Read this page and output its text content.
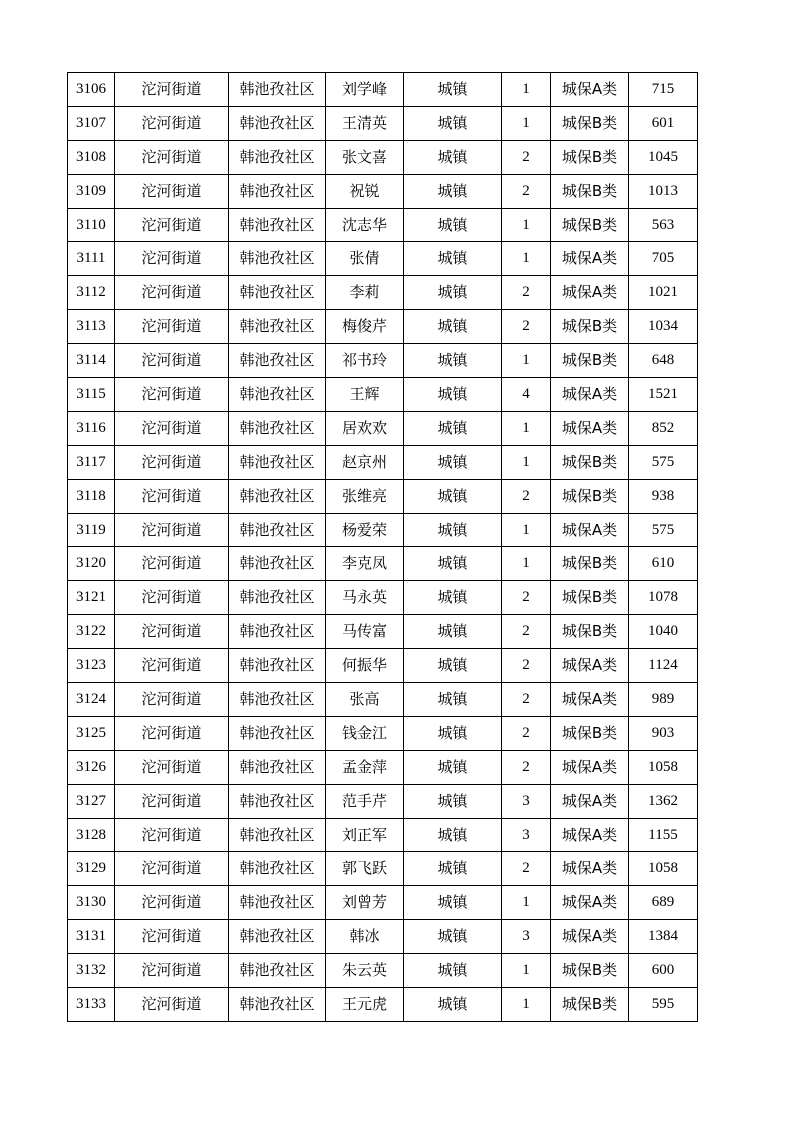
3106	沱河街道	韩池孜社区	刘学峰	城镇	1	城保A类	715
3107	沱河街道	韩池孜社区	王清英	城镇	1	城保B类	601
3108	沱河街道	韩池孜社区	张文喜	城镇	2	城保B类	1045
3109	沱河街道	韩池孜社区	祝锐	城镇	2	城保B类	1013
3110	沱河街道	韩池孜社区	沈志华	城镇	1	城保B类	563
3111	沱河街道	韩池孜社区	张倩	城镇	1	城保A类	705
3112	沱河街道	韩池孜社区	李莉	城镇	2	城保A类	1021
3113	沱河街道	韩池孜社区	梅俊芹	城镇	2	城保B类	1034
3114	沱河街道	韩池孜社区	祁书玲	城镇	1	城保B类	648
3115	沱河街道	韩池孜社区	王辉	城镇	4	城保A类	1521
3116	沱河街道	韩池孜社区	居欢欢	城镇	1	城保A类	852
3117	沱河街道	韩池孜社区	赵京州	城镇	1	城保B类	575
3118	沱河街道	韩池孜社区	张维亮	城镇	2	城保B类	938
3119	沱河街道	韩池孜社区	杨爱荣	城镇	1	城保A类	575
3120	沱河街道	韩池孜社区	李克凤	城镇	1	城保B类	610
3121	沱河街道	韩池孜社区	马永英	城镇	2	城保B类	1078
3122	沱河街道	韩池孜社区	马传富	城镇	2	城保B类	1040
3123	沱河街道	韩池孜社区	何振华	城镇	2	城保A类	1124
3124	沱河街道	韩池孜社区	张高	城镇	2	城保A类	989
3125	沱河街道	韩池孜社区	钱金江	城镇	2	城保B类	903
3126	沱河街道	韩池孜社区	孟金萍	城镇	2	城保A类	1058
3127	沱河街道	韩池孜社区	范手芹	城镇	3	城保A类	1362
3128	沱河街道	韩池孜社区	刘正军	城镇	3	城保A类	1155
3129	沱河街道	韩池孜社区	郭飞跃	城镇	2	城保A类	1058
3130	沱河街道	韩池孜社区	刘曾芳	城镇	1	城保A类	689
3131	沱河街道	韩池孜社区	韩冰	城镇	3	城保A类	1384
3132	沱河街道	韩池孜社区	朱云英	城镇	1	城保B类	600
3133	沱河街道	韩池孜社区	王元虎	城镇	1	城保B类	595
